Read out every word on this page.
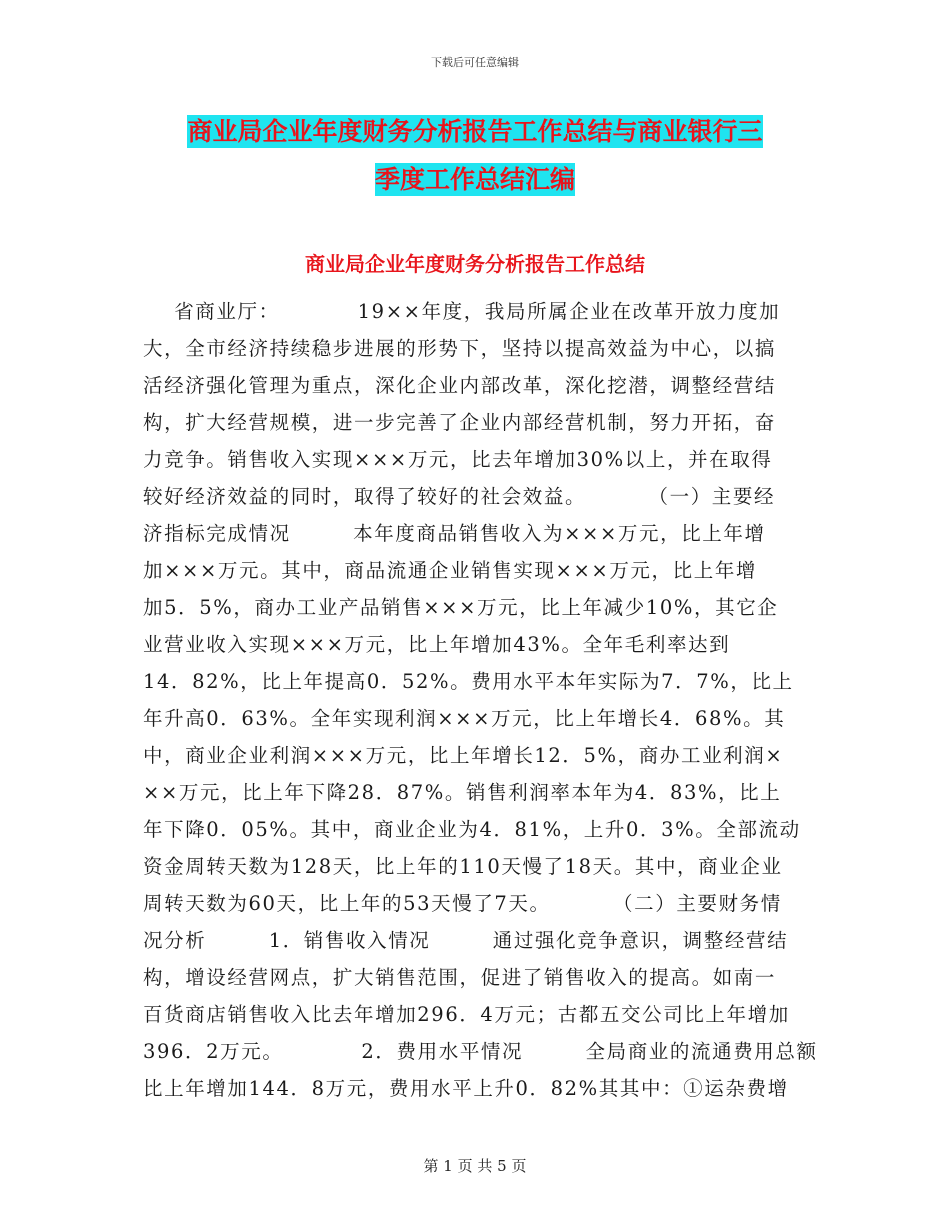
下载后可任意编辑
商业局企业年度财务分析报告工作总结与商业银行三
季度工作总结汇编
商业局企业年度财务分析报告工作总结
省商业厅：          19××年度，我局所属企业在改革开放力度加
大，全市经济持续稳步进展的形势下，坚持以提高效益为中心，以搞
活经济强化管理为重点，深化企业内部改革，深化挖潜，调整经营结
构，扩大经营规模，进一步完善了企业内部经营机制，努力开拓，奋
力竞争。销售收入实现×××万元，比去年增加30%以上，并在取得
较好经济效益的同时，取得了较好的社会效益。        （一）主要经
济指标完成情况        本年度商品销售收入为×××万元，比上年增
加×××万元。其中，商品流通企业销售实现×××万元，比上年增
加5．5%，商办工业产品销售×××万元，比上年减少10%，其它企
业营业收入实现×××万元，比上年增加43%。全年毛利率达到
14．82%，比上年提高0．52%。费用水平本年实际为7．7%，比上
年升高0．63%。全年实现利润×××万元，比上年增长4．68%。其
中，商业企业利润×××万元，比上年增长12．5%，商办工业利润×
××万元，比上年下降28．87%。销售利润率本年为4．83%，比上
年下降0．05%。其中，商业企业为4．81%，上升0．3%。全部流动
资金周转天数为128天，比上年的110天慢了18天。其中，商业企业
周转天数为60天，比上年的53天慢了7天。        （二）主要财务情
况分析        1．销售收入情况        通过强化竞争意识，调整经营结
构，增设经营网点，扩大销售范围，促进了销售收入的提高。如南一
百货商店销售收入比去年增加296．4万元；古都五交公司比上年增加
396．2万元。          2．费用水平情况        全局商业的流通费用总额
比上年增加144．8万元，费用水平上升0．82%其其中：①运杂费增
第 1 页 共 5 页
